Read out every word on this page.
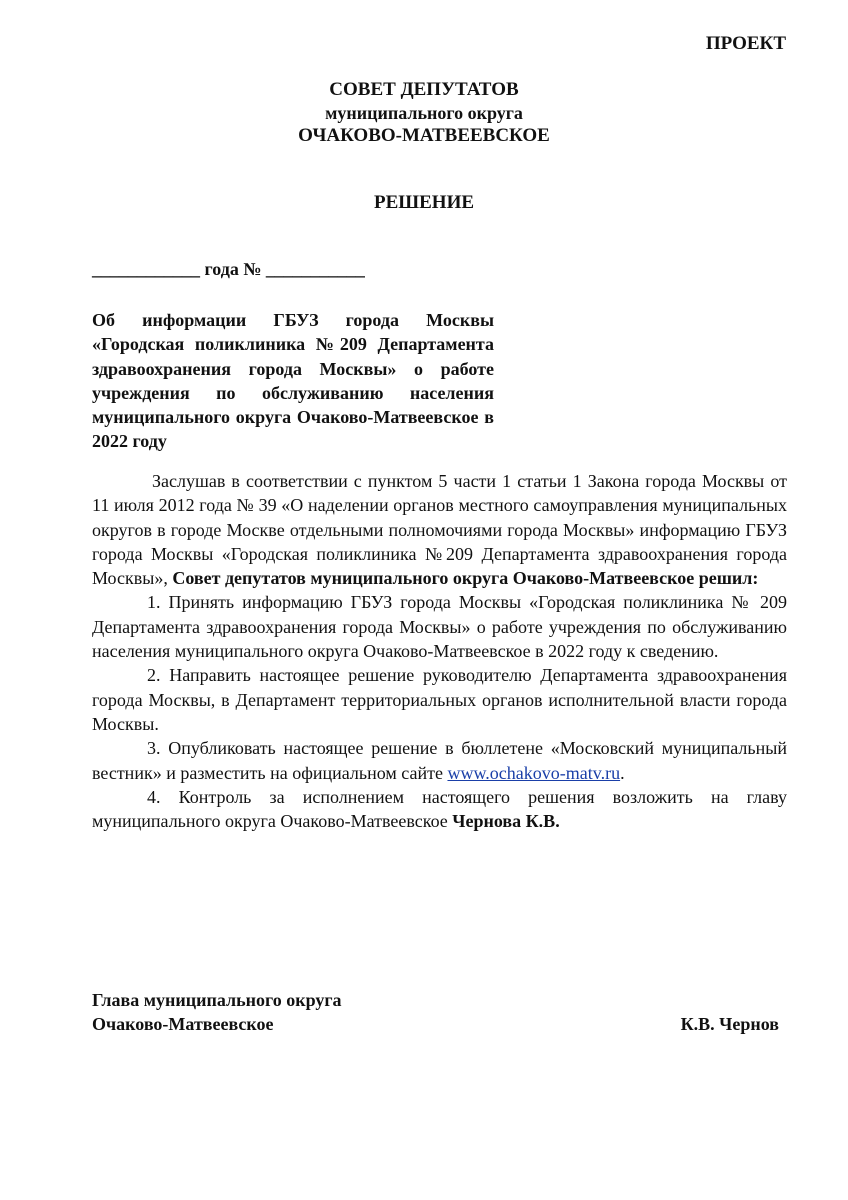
ПРОЕКТ
СОВЕТ ДЕПУТАТОВ
муниципального округа
ОЧАКОВО-МАТВЕЕВСКОЕ
РЕШЕНИЕ
____________ года № ___________
Об информации ГБУЗ города Москвы «Городская поликлиника №209 Департамента здравоохранения города Москвы» о работе учреждения по обслуживанию населения муниципального округа Очаково-Матвеевское в 2022 году

Заслушав в соответствии с пунктом 5 части 1 статьи 1 Закона города Москвы от 11 июля 2012 года № 39 «О наделении органов местного самоуправления муниципальных округов в городе Москве отдельными полномочиями города Москвы» информацию ГБУЗ города Москвы «Городская поликлиника №209 Департамента здравоохранения города Москвы», Совет депутатов муниципального округа Очаково-Матвеевское решил:

1. Принять информацию ГБУЗ города Москвы «Городская поликлиника № 209 Департамента здравоохранения города Москвы» о работе учреждения по обслуживанию населения муниципального округа Очаково-Матвеевское в 2022 году к сведению.

2. Направить настоящее решение руководителю Департамента здравоохранения города Москвы, в Департамент территориальных органов исполнительной власти города Москвы.

3. Опубликовать настоящее решение в бюллетене «Московский муниципальный вестник» и разместить на официальном сайте www.ochakovo-matv.ru.

4. Контроль за исполнением настоящего решения возложить на главу муниципального округа Очаково-Матвеевское Чернова К.В.

Глава муниципального округа
Очаково-Матвеевское	К.В. Чернов
